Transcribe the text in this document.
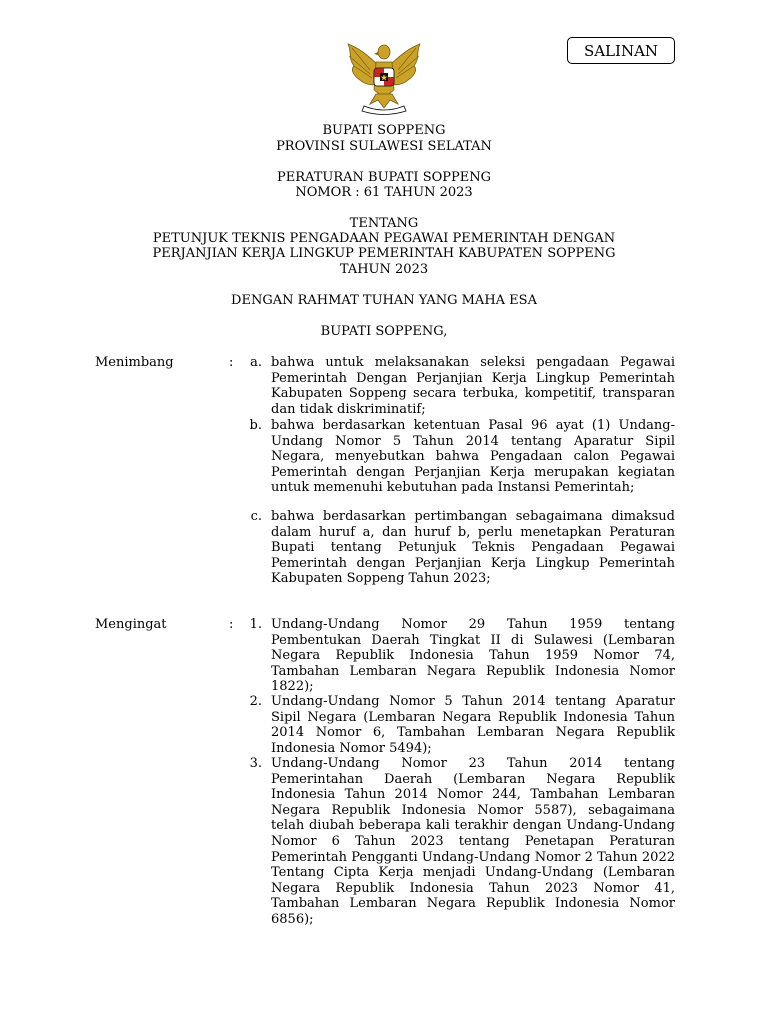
SALINAN
BUPATI SOPPENG
PROVINSI SULAWESI SELATAN
PERATURAN BUPATI SOPPENG
NOMOR : 61 TAHUN 2023
TENTANG
PETUNJUK TEKNIS PENGADAAN PEGAWAI PEMERINTAH DENGAN
PERJANJIAN KERJA LINGKUP PEMERINTAH KABUPATEN SOPPENG
TAHUN 2023
DENGAN RAHMAT TUHAN YANG MAHA ESA
BUPATI SOPPENG,
Menimbang	:	a. bahwa untuk melaksanakan seleksi pengadaan Pegawai Pemerintah Dengan Perjanjian Kerja Lingkup Pemerintah Kabupaten Soppeng secara terbuka, kompetitif, transparan dan tidak diskriminatif;

b. bahwa berdasarkan ketentuan Pasal 96 ayat (1) Undang-Undang Nomor 5 Tahun 2014 tentang Aparatur Sipil Negara, menyebutkan bahwa Pengadaan calon Pegawai Pemerintah dengan Perjanjian Kerja merupakan kegiatan untuk memenuhi kebutuhan pada Instansi Pemerintah;

c. bahwa berdasarkan pertimbangan sebagaimana dimaksud dalam huruf a, dan huruf b, perlu menetapkan Peraturan Bupati tentang Petunjuk Teknis Pengadaan Pegawai Pemerintah dengan Perjanjian Kerja Lingkup Pemerintah Kabupaten Soppeng Tahun 2023;

Mengingat	:	1. Undang-Undang Nomor 29 Tahun 1959 tentang Pembentukan Daerah Tingkat II di Sulawesi (Lembaran Negara Republik Indonesia Tahun 1959 Nomor 74, Tambahan Lembaran Negara Republik Indonesia Nomor 1822);

2. Undang-Undang Nomor 5 Tahun 2014 tentang Aparatur Sipil Negara (Lembaran Negara Republik Indonesia Tahun 2014 Nomor 6, Tambahan Lembaran Negara Republik Indonesia Nomor 5494);

3. Undang-Undang Nomor 23 Tahun 2014 tentang Pemerintahan Daerah (Lembaran Negara Republik Indonesia Tahun 2014 Nomor 244, Tambahan Lembaran Negara Republik Indonesia Nomor 5587), sebagaimana telah diubah beberapa kali terakhir dengan Undang-Undang Nomor 6 Tahun 2023 tentang Penetapan Peraturan Pemerintah Pengganti Undang-Undang Nomor 2 Tahun 2022 Tentang Cipta Kerja menjadi Undang-Undang (Lembaran Negara Republik Indonesia Tahun 2023 Nomor 41, Tambahan Lembaran Negara Republik Indonesia Nomor 6856);
